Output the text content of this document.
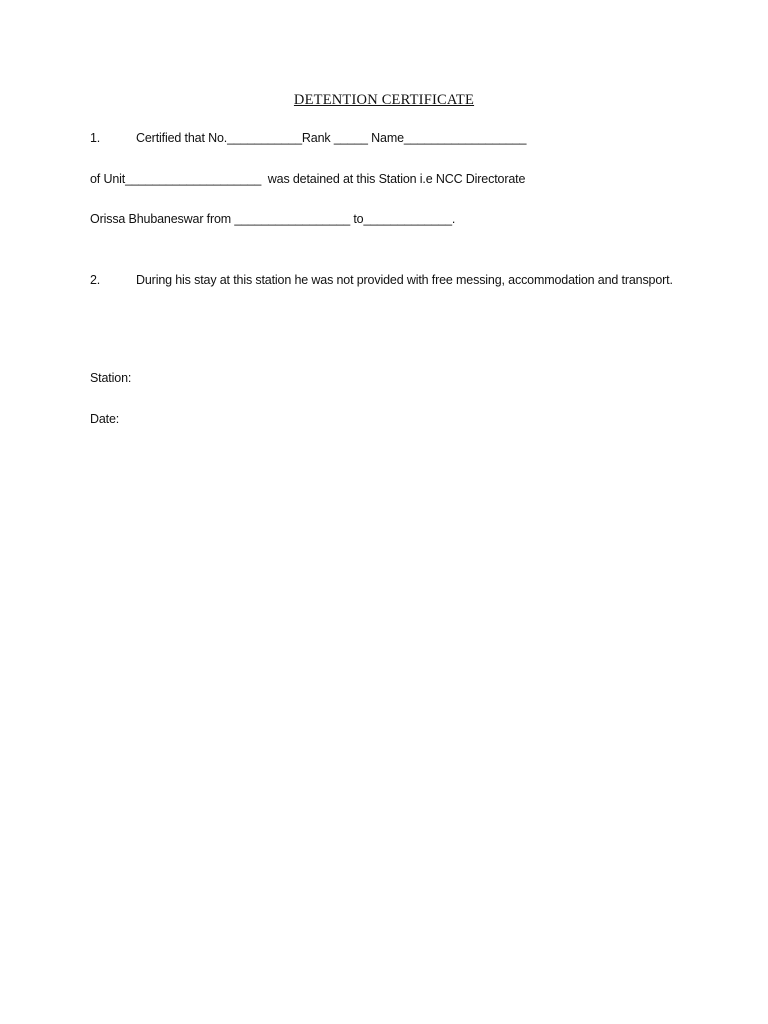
DETENTION CERTIFICATE
1.	Certified that No.___________Rank _____ Name__________________
of Unit____________________  was detained at this Station i.e NCC Directorate
Orissa Bhubaneswar from _________________ to_____________.
2.	During his stay at this station he was not provided with free messing, accommodation and transport.
Station:
Date:
